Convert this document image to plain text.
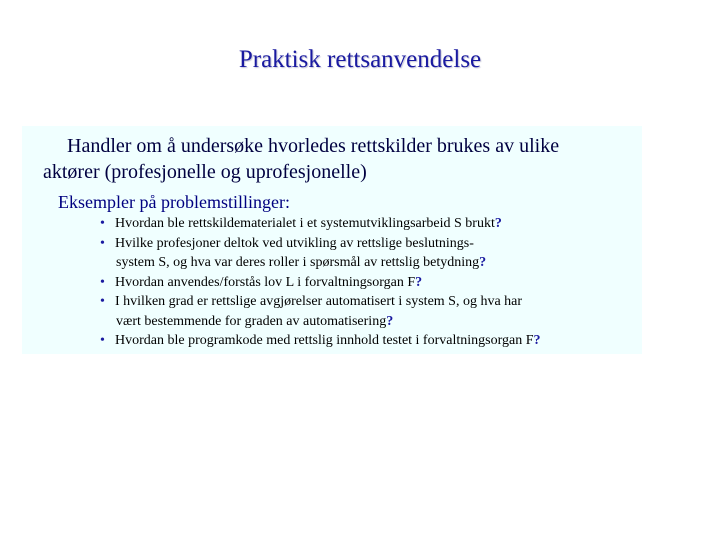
Praktisk rettsanvendelse
Handler om å undersøke hvorledes rettskilder brukes av ulike
aktører (profesjonelle og uprofesjonelle)
Eksempler på problemstillinger:
• Hvordan ble rettskildematerialet i et systemutviklingsarbeid S brukt?
• Hvilke profesjoner deltok ved utvikling av rettslige beslutnings-
system S, og hva var deres roller i spørsmål av rettslig betydning?
• Hvordan anvendes/forstås lov L i forvaltningsorgan F?
• I hvilken grad er rettslige avgjørelser automatisert i system S, og hva har
vært bestemmende for graden av automatisering?
• Hvordan ble programkode med rettslig innhold testet i forvaltningsorgan F?
